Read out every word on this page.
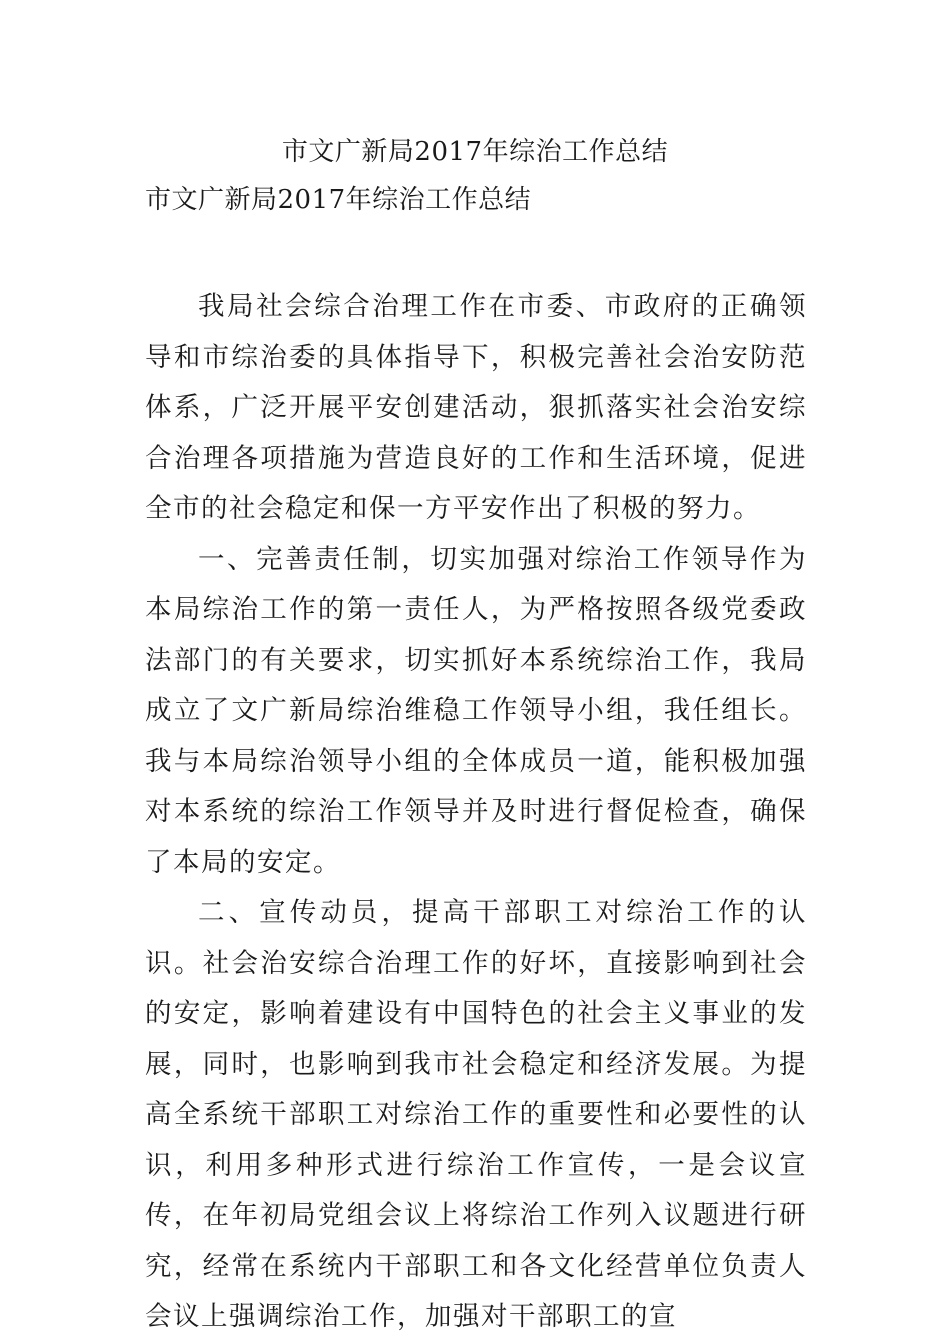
市文广新局2017年综治工作总结
市文广新局2017年综治工作总结

我局社会综合治理工作在市委、市政府的正确领导和市综治委的具体指导下，积极完善社会治安防范体系，广泛开展平安创建活动，狠抓落实社会治安综合治理各项措施为营造良好的工作和生活环境，促进全市的社会稳定和保一方平安作出了积极的努力。

一、完善责任制，切实加强对综治工作领导作为本局综治工作的第一责任人，为严格按照各级党委政法部门的有关要求，切实抓好本系统综治工作，我局成立了文广新局综治维稳工作领导小组，我任组长。我与本局综治领导小组的全体成员一道，能积极加强对本系统的综治工作领导并及时进行督促检查，确保了本局的安定。

二、宣传动员，提高干部职工对综治工作的认识。社会治安综合治理工作的好坏，直接影响到社会的安定，影响着建设有中国特色的社会主义事业的发展，同时，也影响到我市社会稳定和经济发展。为提高全系统干部职工对综治工作的重要性和必要性的认识，利用多种形式进行综治工作宣传，一是会议宣传，在年初局党组会议上将综治工作列入议题进行研究，经常在系统内干部职工和各文化经营单位负责人会议上强调综治工作，加强对干部职工的宣
